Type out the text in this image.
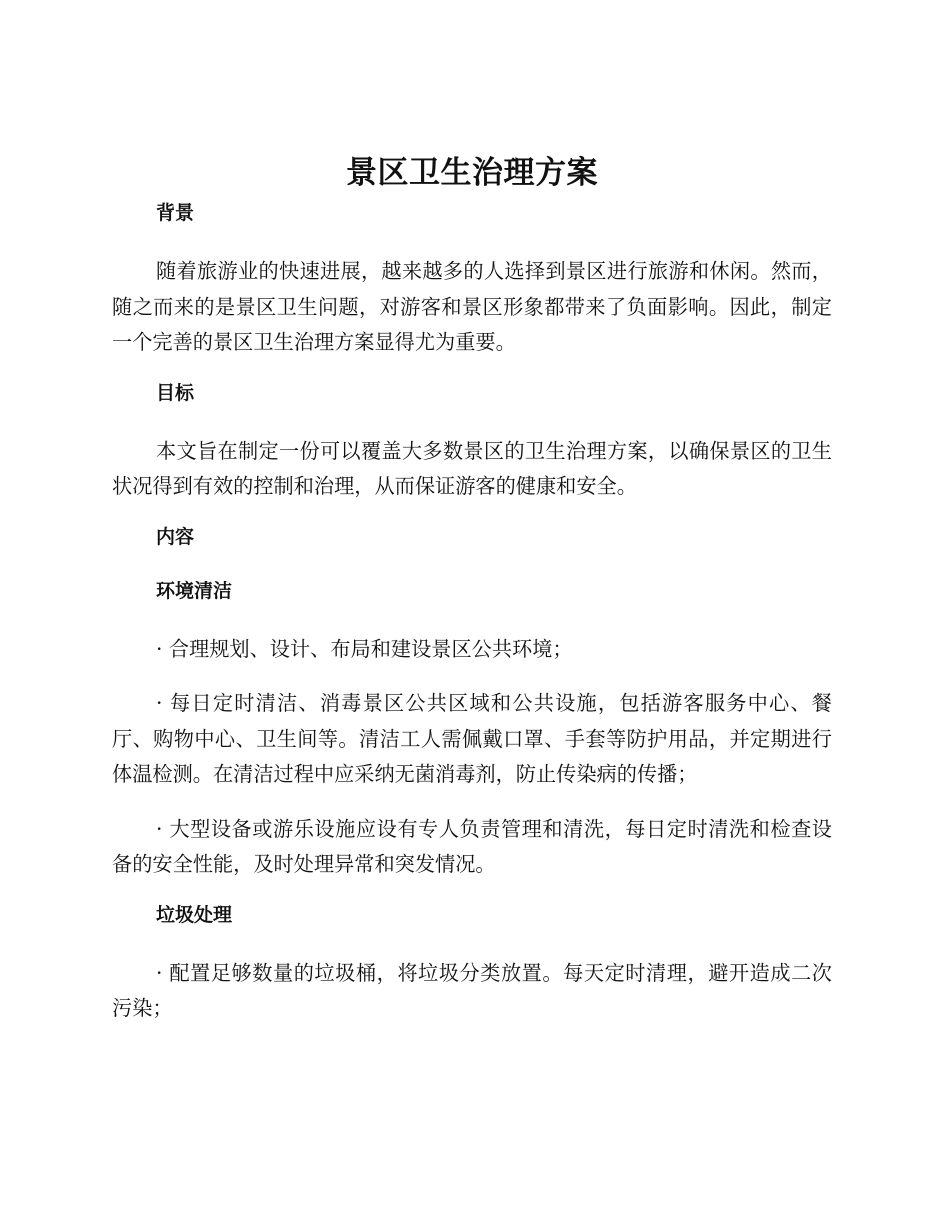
景区卫生治理方案
背景

随着旅游业的快速进展，越来越多的人选择到景区进行旅游和休闲。然而，随之而来的是景区卫生问题，对游客和景区形象都带来了负面影响。因此，制定一个完善的景区卫生治理方案显得尤为重要。

目标

本文旨在制定一份可以覆盖大多数景区的卫生治理方案，以确保景区的卫生状况得到有效的控制和治理，从而保证游客的健康和安全。

内容
环境清洁

· 合理规划、设计、布局和建设景区公共环境；

· 每日定时清洁、消毒景区公共区域和公共设施，包括游客服务中心、餐厅、购物中心、卫生间等。清洁工人需佩戴口罩、手套等防护用品，并定期进行体温检测。在清洁过程中应采纳无菌消毒剂，防止传染病的传播；

· 大型设备或游乐设施应设有专人负责管理和清洗，每日定时清洗和检查设备的安全性能，及时处理异常和突发情况。

垃圾处理

· 配置足够数量的垃圾桶，将垃圾分类放置。每天定时清理，避开造成二次污染；
